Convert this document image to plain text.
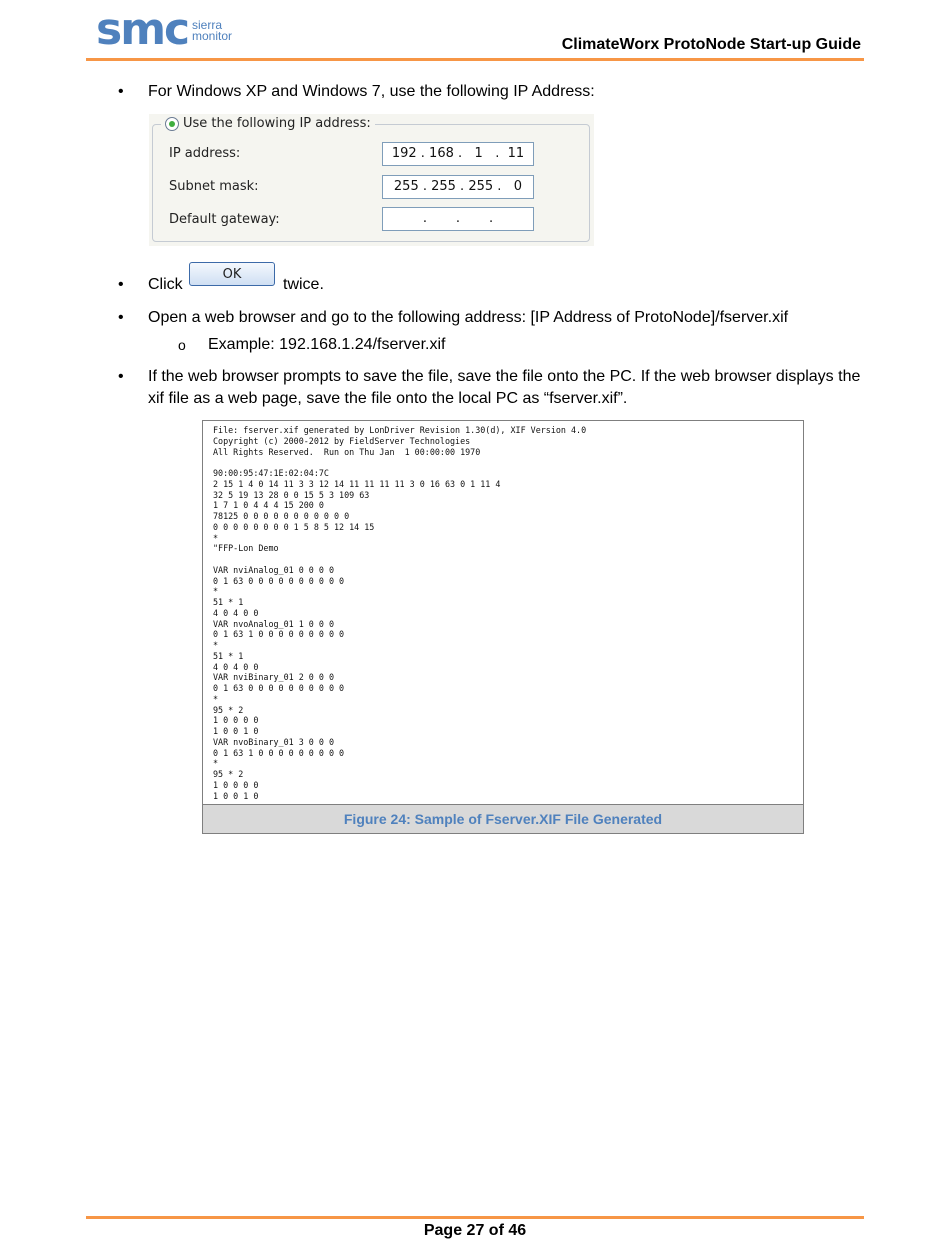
smc sierra
monitor	ClimateWorx ProtoNode Start-up Guide
• For Windows XP and Windows 7, use the following IP Address:
Use the following IP address:
IP address:	192 . 168 .   1   .  11
Subnet mask:	255 . 255 . 255 .   0
Default gateway:	.       .       .
• Click
OK
twice.
• Open a web browser and go to the following address: [IP Address of ProtoNode]/fserver.xif
o Example: 192.168.1.24/fserver.xif
• If the web browser prompts to save the file, save the file onto the PC. If the web browser displays the xif file as a web page, save the file onto the local PC as “fserver.xif”.
File: fserver.xif generated by LonDriver Revision 1.30(d), XIF Version 4.0
Copyright (c) 2000-2012 by FieldServer Technologies
All Rights Reserved.  Run on Thu Jan  1 00:00:00 1970

90:00:95:47:1E:02:04:7C
2 15 1 4 0 14 11 3 3 12 14 11 11 11 11 3 0 16 63 0 1 11 4
32 5 19 13 28 0 0 15 5 3 109 63
1 7 1 0 4 4 4 15 200 0
78125 0 0 0 0 0 0 0 0 0 0 0
0 0 0 0 0 0 0 0 1 5 8 5 12 14 15
*
"FFP-Lon Demo

VAR nviAnalog_01 0 0 0 0
0 1 63 0 0 0 0 0 0 0 0 0 0
*
51 * 1
4 0 4 0 0
VAR nvoAnalog_01 1 0 0 0
0 1 63 1 0 0 0 0 0 0 0 0 0
*
51 * 1
4 0 4 0 0
VAR nviBinary_01 2 0 0 0
0 1 63 0 0 0 0 0 0 0 0 0 0
*
95 * 2
1 0 0 0 0
1 0 0 1 0
VAR nvoBinary_01 3 0 0 0
0 1 63 1 0 0 0 0 0 0 0 0 0
*
95 * 2
1 0 0 0 0
1 0 0 1 0
Figure 24: Sample of Fserver.XIF File Generated
Page 27 of 46
